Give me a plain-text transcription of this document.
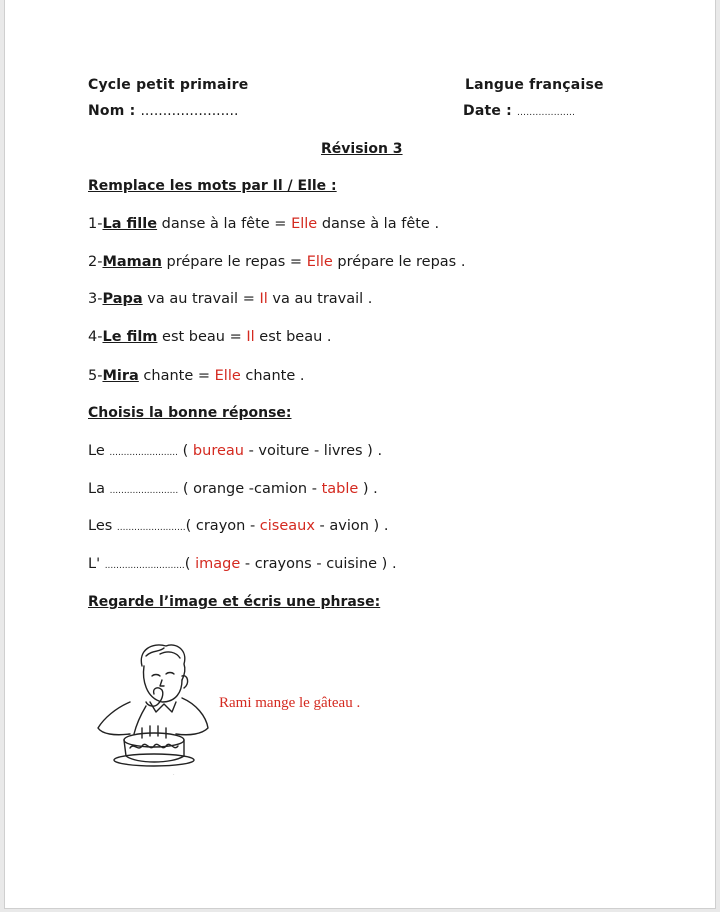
Cycle petit primaire	Langue française
Nom : ......................	Date : ...................
Révision 3
Remplace les mots par Il / Elle :
1-La fille danse à la fête = Elle danse à la fête .
2-Maman prépare le repas = Elle prépare le repas .
3-Papa va au travail = Il va au travail .
4-Le film est beau = Il est beau .
5-Mira chante = Elle chante .
Choisis la bonne réponse:
Le ........................ ( bureau - voiture - livres ) .
La ........................ ( orange -camion - table ) .
Les ........................( crayon - ciseaux - avion ) .
L' ............................( image - crayons - cuisine ) .
Regarde l’image et écris une phrase:
·
Rami mange le gâteau .
